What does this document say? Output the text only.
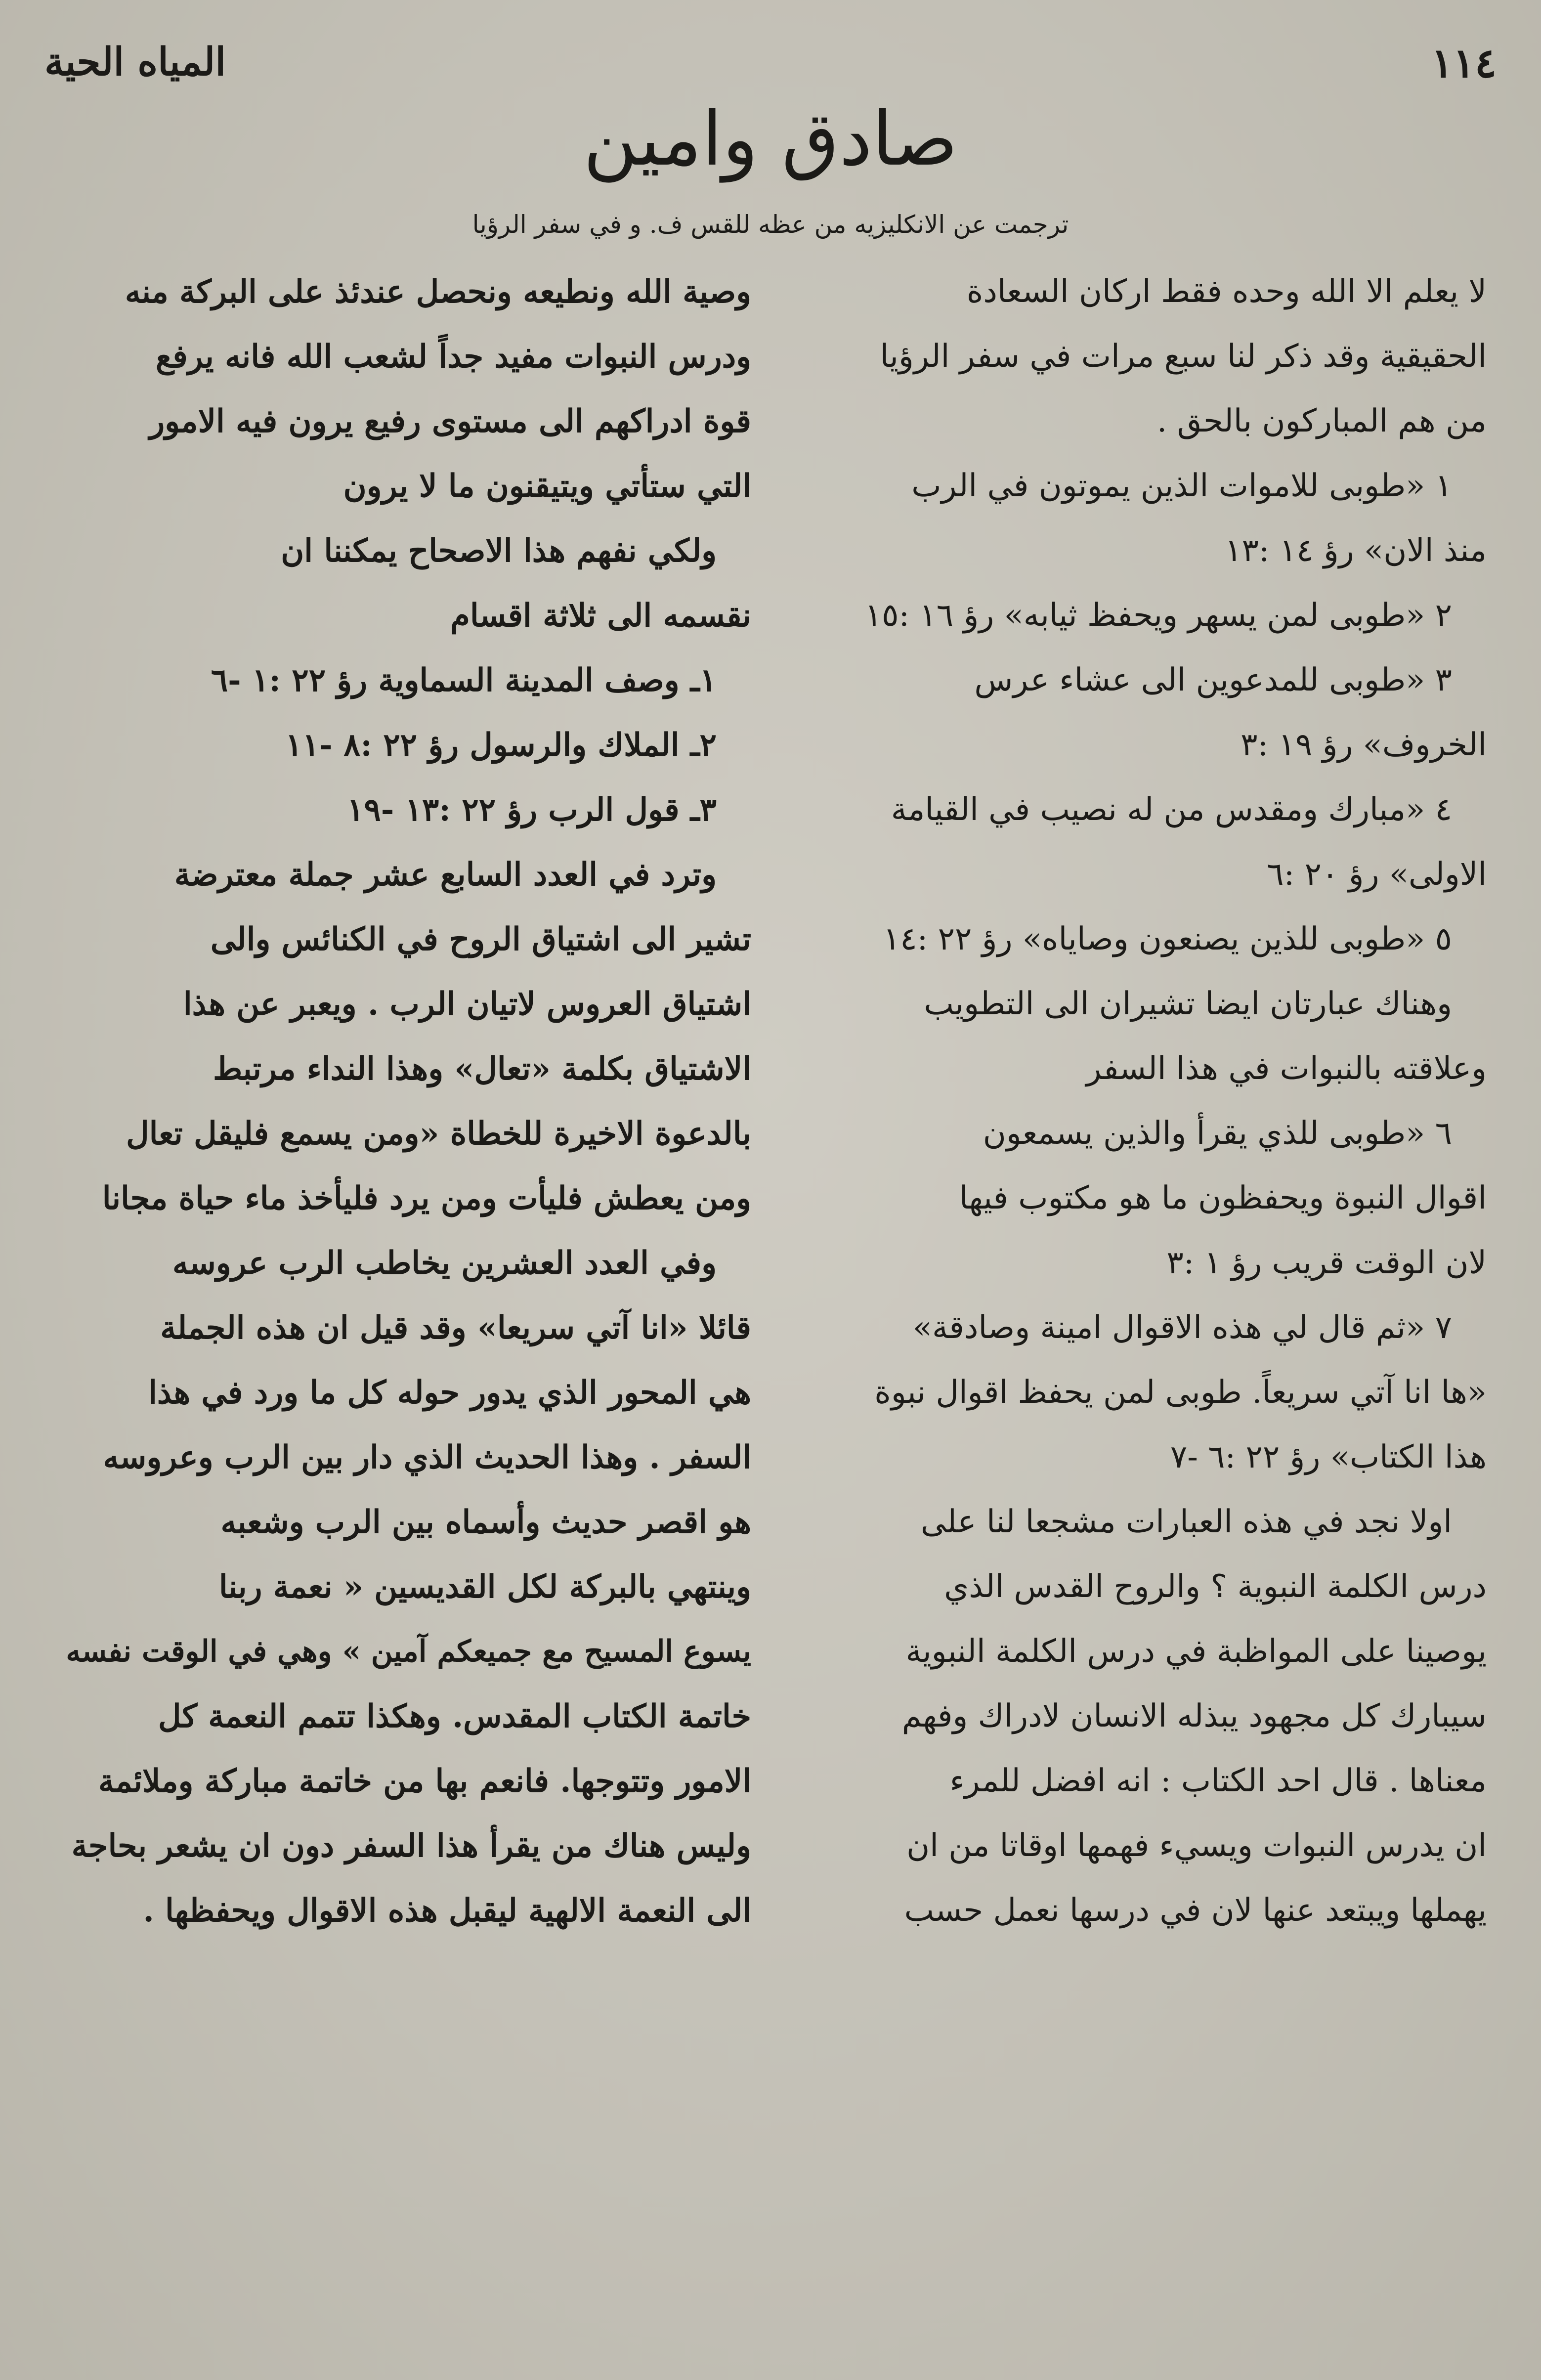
١١٤
المياه الحية
صادق وامين
ترجمت عن الانكليزيه من عظه للقس ف. و في سفر الرؤيا

لا يعلم الا الله وحده فقط اركان السعادة

الحقيقية وقد ذكر لنا سبع مرات في سفر الرؤيا

من هم المباركون بالحق .

١ «طوبى للاموات الذين يموتون في الرب

منذ الان» رؤ ١٤ :١٣

٢ «طوبى لمن يسهر ويحفظ ثيابه» رؤ ١٦ :١٥

٣ «طوبى للمدعوين الى عشاء عرس

الخروف» رؤ ١٩ :٣

٤ «مبارك ومقدس من له نصيب في القيامة

الاولى» رؤ ٢٠ :٦

٥ «طوبى للذين يصنعون وصاياه» رؤ ٢٢ :١٤

وهناك عبارتان ايضا تشيران الى التطويب

وعلاقته بالنبوات في هذا السفر

٦ «طوبى للذي يقرأ والذين يسمعون

اقوال النبوة ويحفظون ما هو مكتوب فيها

لان الوقت قريب رؤ ١ :٣

٧ «ثم قال لي هذه الاقوال امينة وصادقة»

«ها انا آتي سريعاً. طوبى لمن يحفظ اقوال نبوة

هذا الكتاب» رؤ ٢٢ :٦ -٧

اولا نجد في هذه العبارات مشجعا لنا على

درس الكلمة النبوية ؟ والروح القدس الذي

يوصينا على المواظبة في درس الكلمة النبوية

سيبارك كل مجهود يبذله الانسان لادراك وفهم

معناها . قال احد الكتاب : انه افضل للمرء

ان يدرس النبوات ويسيء فهمها اوقاتا من ان

يهملها ويبتعد عنها لان في درسها نعمل حسب

وصية الله ونطيعه ونحصل عندئذ على البركة منه

ودرس النبوات مفيد جداً لشعب الله فانه يرفع

قوة ادراكهم الى مستوى رفيع يرون فيه الامور

التي ستأتي ويتيقنون ما لا يرون

ولكي نفهم هذا الاصحاح يمكننا ان

نقسمه الى ثلاثة اقسام

١ـ وصف المدينة السماوية رؤ ٢٢ :١ -٦

٢ـ الملاك والرسول رؤ ٢٢ :٨ -١١

٣ـ قول الرب رؤ ٢٢ :١٣ -١٩

وترد في العدد السابع عشر جملة معترضة

تشير الى اشتياق الروح في الكنائس والى

اشتياق العروس لاتيان الرب . ويعبر عن هذا

الاشتياق بكلمة «تعال» وهذا النداء مرتبط

بالدعوة الاخيرة للخطاة «ومن يسمع فليقل تعال

ومن يعطش فليأت ومن يرد فليأخذ ماء حياة مجانا

وفي العدد العشرين يخاطب الرب عروسه

قائلا «انا آتي سريعا» وقد قيل ان هذه الجملة

هي المحور الذي يدور حوله كل ما ورد في هذا

السفر . وهذا الحديث الذي دار بين الرب وعروسه

هو اقصر حديث وأسماه بين الرب وشعبه

وينتهي بالبركة لكل القديسين « نعمة ربنا

يسوع المسيح مع جميعكم آمين » وهي في الوقت نفسه

خاتمة الكتاب المقدس. وهكذا تتمم النعمة كل

الامور وتتوجها. فانعم بها من خاتمة مباركة وملائمة

وليس هناك من يقرأ هذا السفر دون ان يشعر بحاجة

الى النعمة الالهية ليقبل هذه الاقوال ويحفظها .
